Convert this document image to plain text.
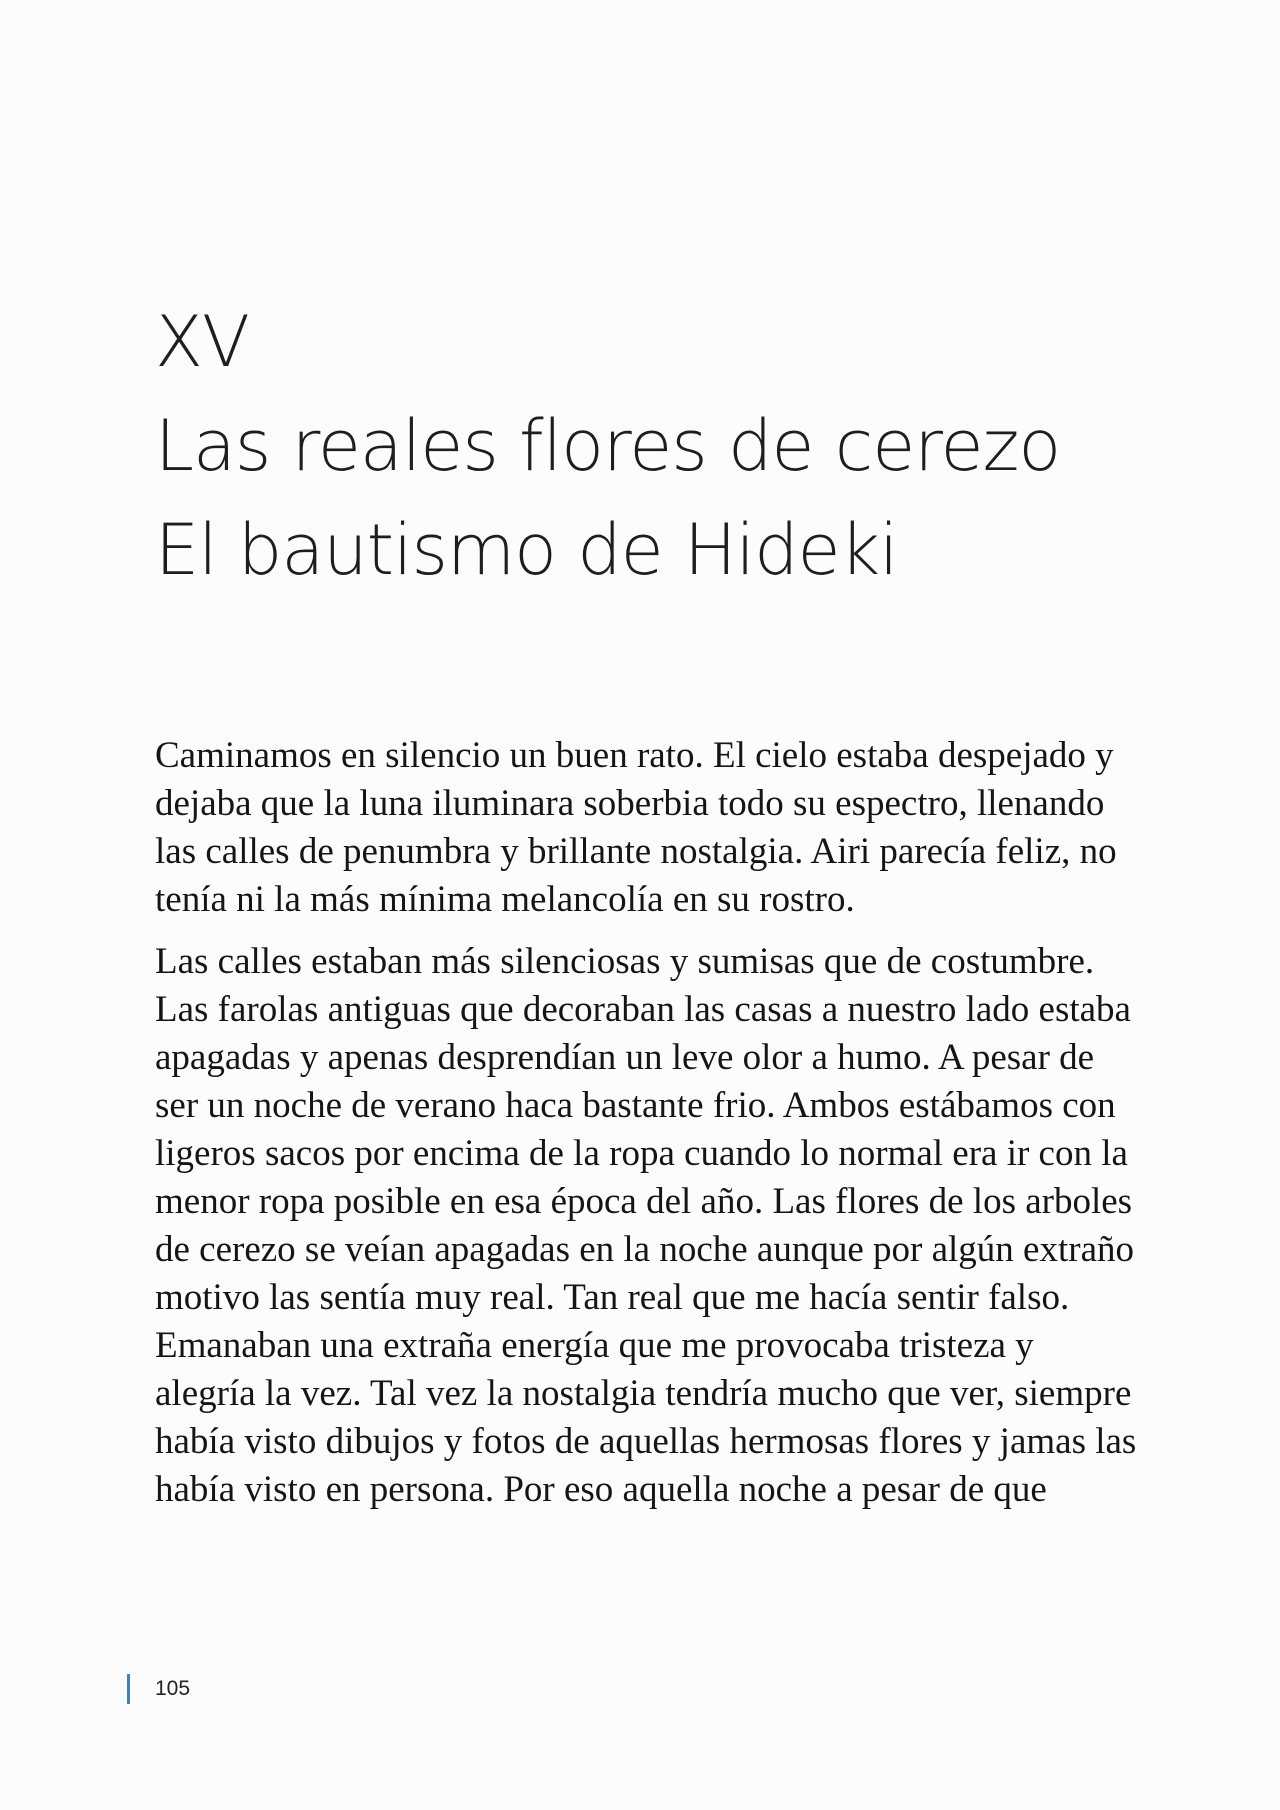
XV
Las reales flores de cerezo
El bautismo de Hideki

Caminamos en silencio un buen rato. El cielo estaba despejado y dejaba que la luna iluminara soberbia todo su espectro, llenando las calles de penumbra y brillante nostalgia. Airi parecía feliz, no tenía ni la más mínima melancolía en su rostro.

Las calles estaban más silenciosas y sumisas que de costumbre. Las farolas antiguas que decoraban las casas a nuestro lado estaba apagadas y apenas desprendían un leve olor a humo. A pesar de ser un noche de verano haca bastante frio. Ambos estábamos con ligeros sacos por encima de la ropa cuando lo normal era ir con la menor ropa posible en esa época del año. Las flores de los arboles de cerezo se veían apagadas en la noche aunque por algún extraño motivo las sentía muy real. Tan real que me hacía sentir falso. Emanaban una extraña energía que me provocaba tristeza y alegría la vez. Tal vez la nostalgia tendría mucho que ver, siempre había visto dibujos y fotos de aquellas hermosas flores y jamas las había visto en persona. Por eso aquella noche a pesar de que

105
